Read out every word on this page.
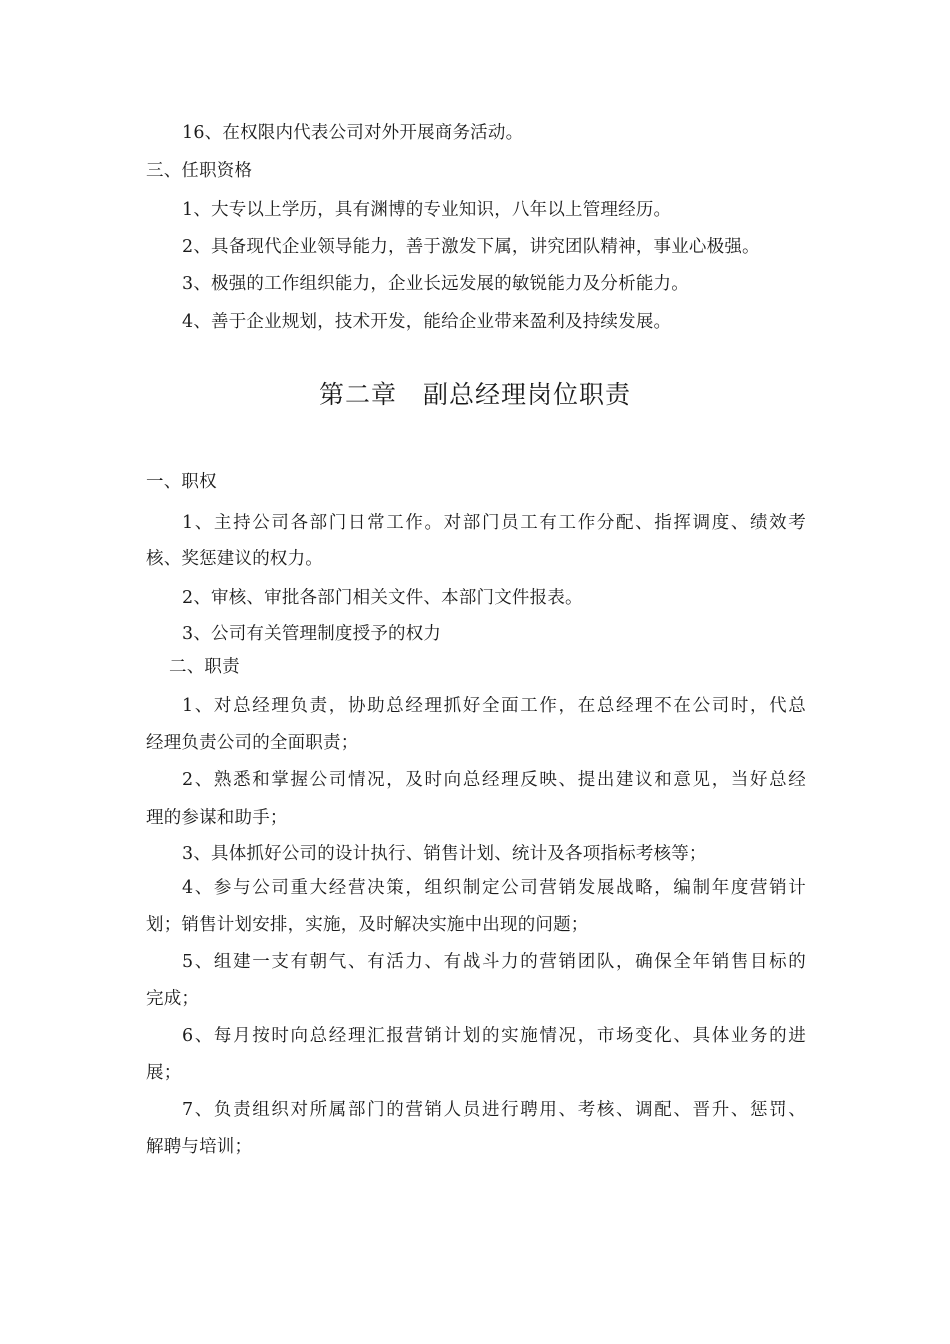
16、在权限内代表公司对外开展商务活动。
三、任职资格
1、大专以上学历，具有渊博的专业知识，八年以上管理经历。
2、具备现代企业领导能力，善于激发下属，讲究团队精神，事业心极强。
3、极强的工作组织能力，企业长远发展的敏锐能力及分析能力。
4、善于企业规划，技术开发，能给企业带来盈利及持续发展。
第二章 副总经理岗位职责
一、职权
1、主持公司各部门日常工作。对部门员工有工作分配、指挥调度、绩效考
核、奖惩建议的权力。
2、审核、审批各部门相关文件、本部门文件报表。
3、公司有关管理制度授予的权力
二、职责
1、对总经理负责，协助总经理抓好全面工作，在总经理不在公司时，代总
经理负责公司的全面职责；
2、熟悉和掌握公司情况，及时向总经理反映、提出建议和意见，当好总经
理的参谋和助手；
3、具体抓好公司的设计执行、销售计划、统计及各项指标考核等；
4、参与公司重大经营决策，组织制定公司营销发展战略，编制年度营销计
划；销售计划安排，实施，及时解决实施中出现的问题；
5、组建一支有朝气、有活力、有战斗力的营销团队，确保全年销售目标的
完成；
6、每月按时向总经理汇报营销计划的实施情况，市场变化、具体业务的进
展；
7、负责组织对所属部门的营销人员进行聘用、考核、调配、晋升、惩罚、
解聘与培训；
